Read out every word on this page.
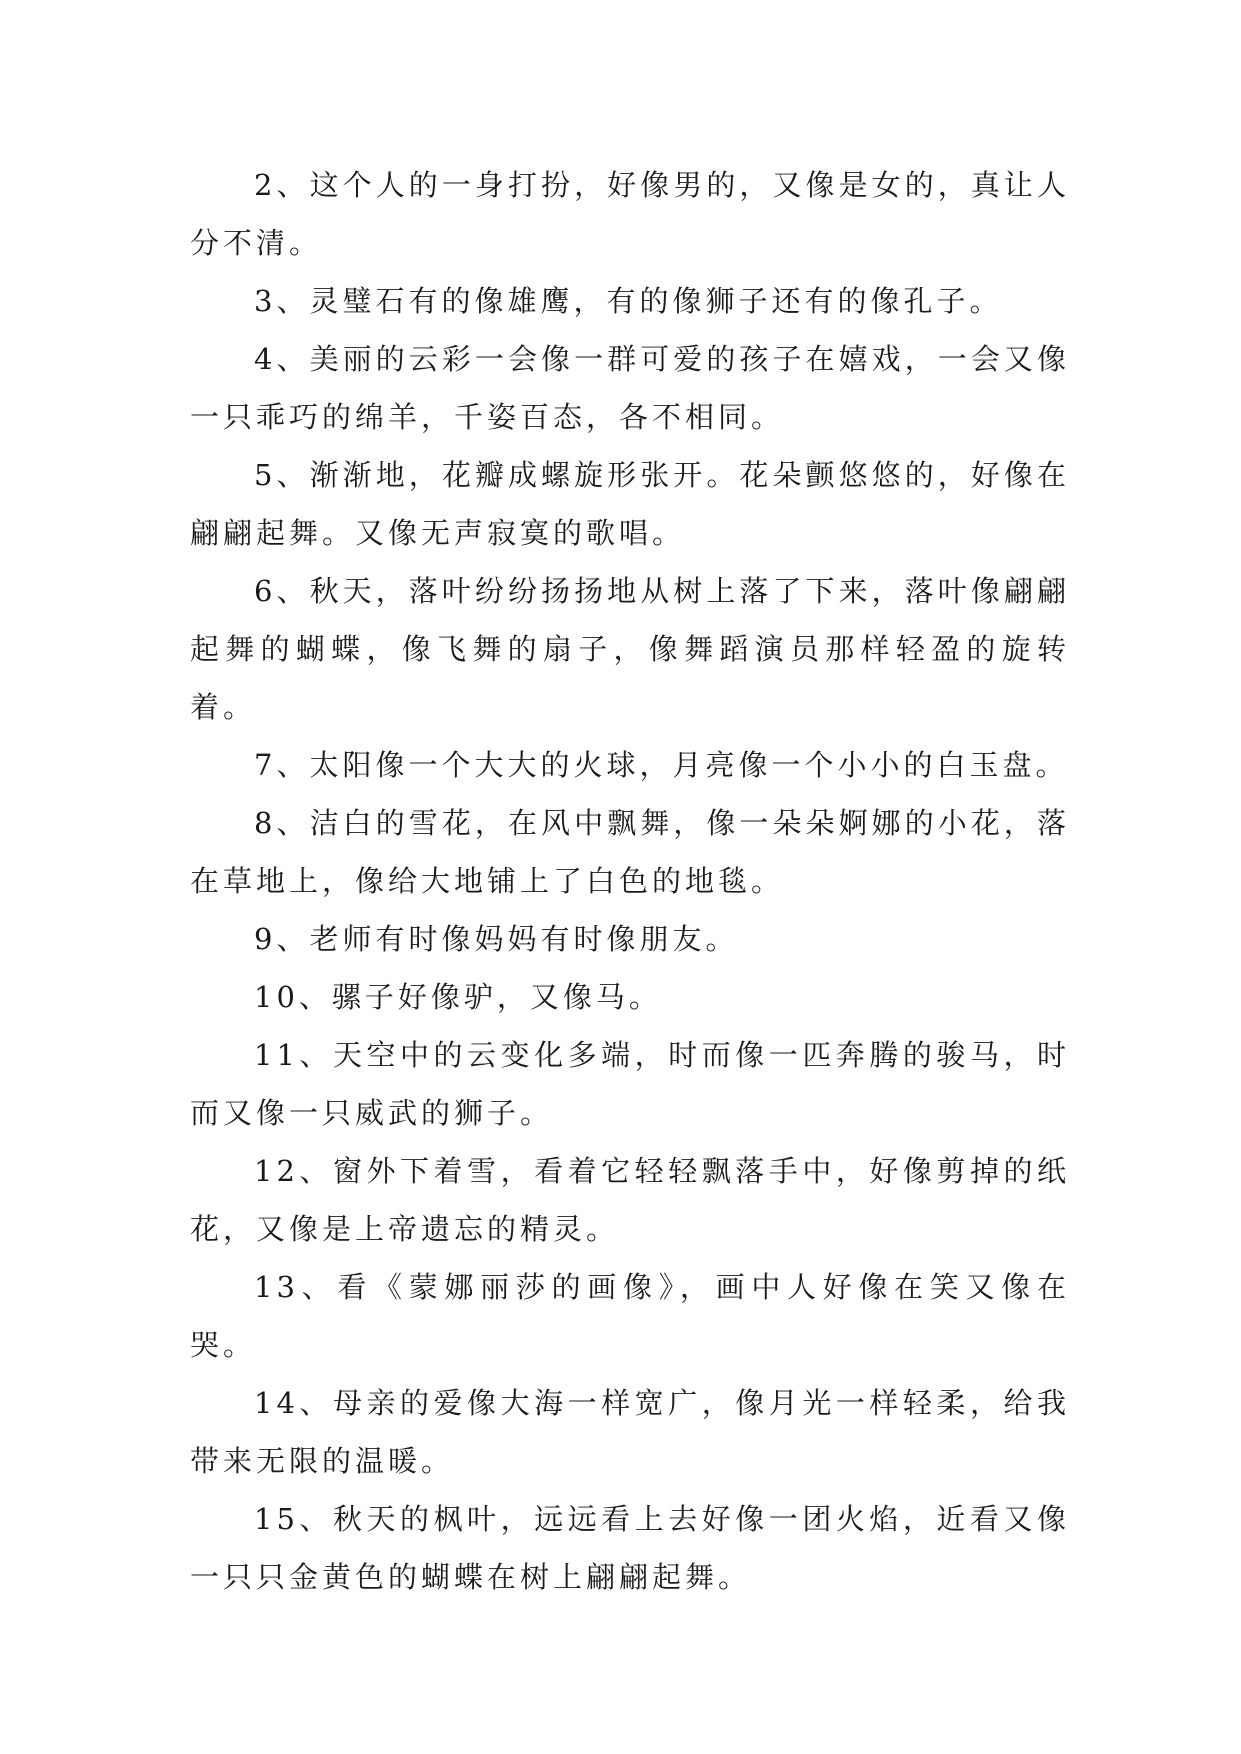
2、这个人的一身打扮，好像男的，又像是女的，真让人分不清。

3、灵璧石有的像雄鹰，有的像狮子还有的像孔子。

4、美丽的云彩一会像一群可爱的孩子在嬉戏，一会又像一只乖巧的绵羊，千姿百态，各不相同。

5、渐渐地，花瓣成螺旋形张开。花朵颤悠悠的，好像在翩翩起舞。又像无声寂寞的歌唱。

6、秋天，落叶纷纷扬扬地从树上落了下来，落叶像翩翩起舞的蝴蝶，像飞舞的扇子，像舞蹈演员那样轻盈的旋转着。

7、太阳像一个大大的火球，月亮像一个小小的白玉盘。

8、洁白的雪花，在风中飘舞，像一朵朵婀娜的小花，落在草地上，像给大地铺上了白色的地毯。

9、老师有时像妈妈有时像朋友。

10、骡子好像驴，又像马。

11、天空中的云变化多端，时而像一匹奔腾的骏马，时而又像一只威武的狮子。

12、窗外下着雪，看着它轻轻飘落手中，好像剪掉的纸花，又像是上帝遗忘的精灵。

13、看《蒙娜丽莎的画像》，画中人好像在笑又像在哭。

14、母亲的爱像大海一样宽广，像月光一样轻柔，给我带来无限的温暖。

15、秋天的枫叶，远远看上去好像一团火焰，近看又像一只只金黄色的蝴蝶在树上翩翩起舞。
